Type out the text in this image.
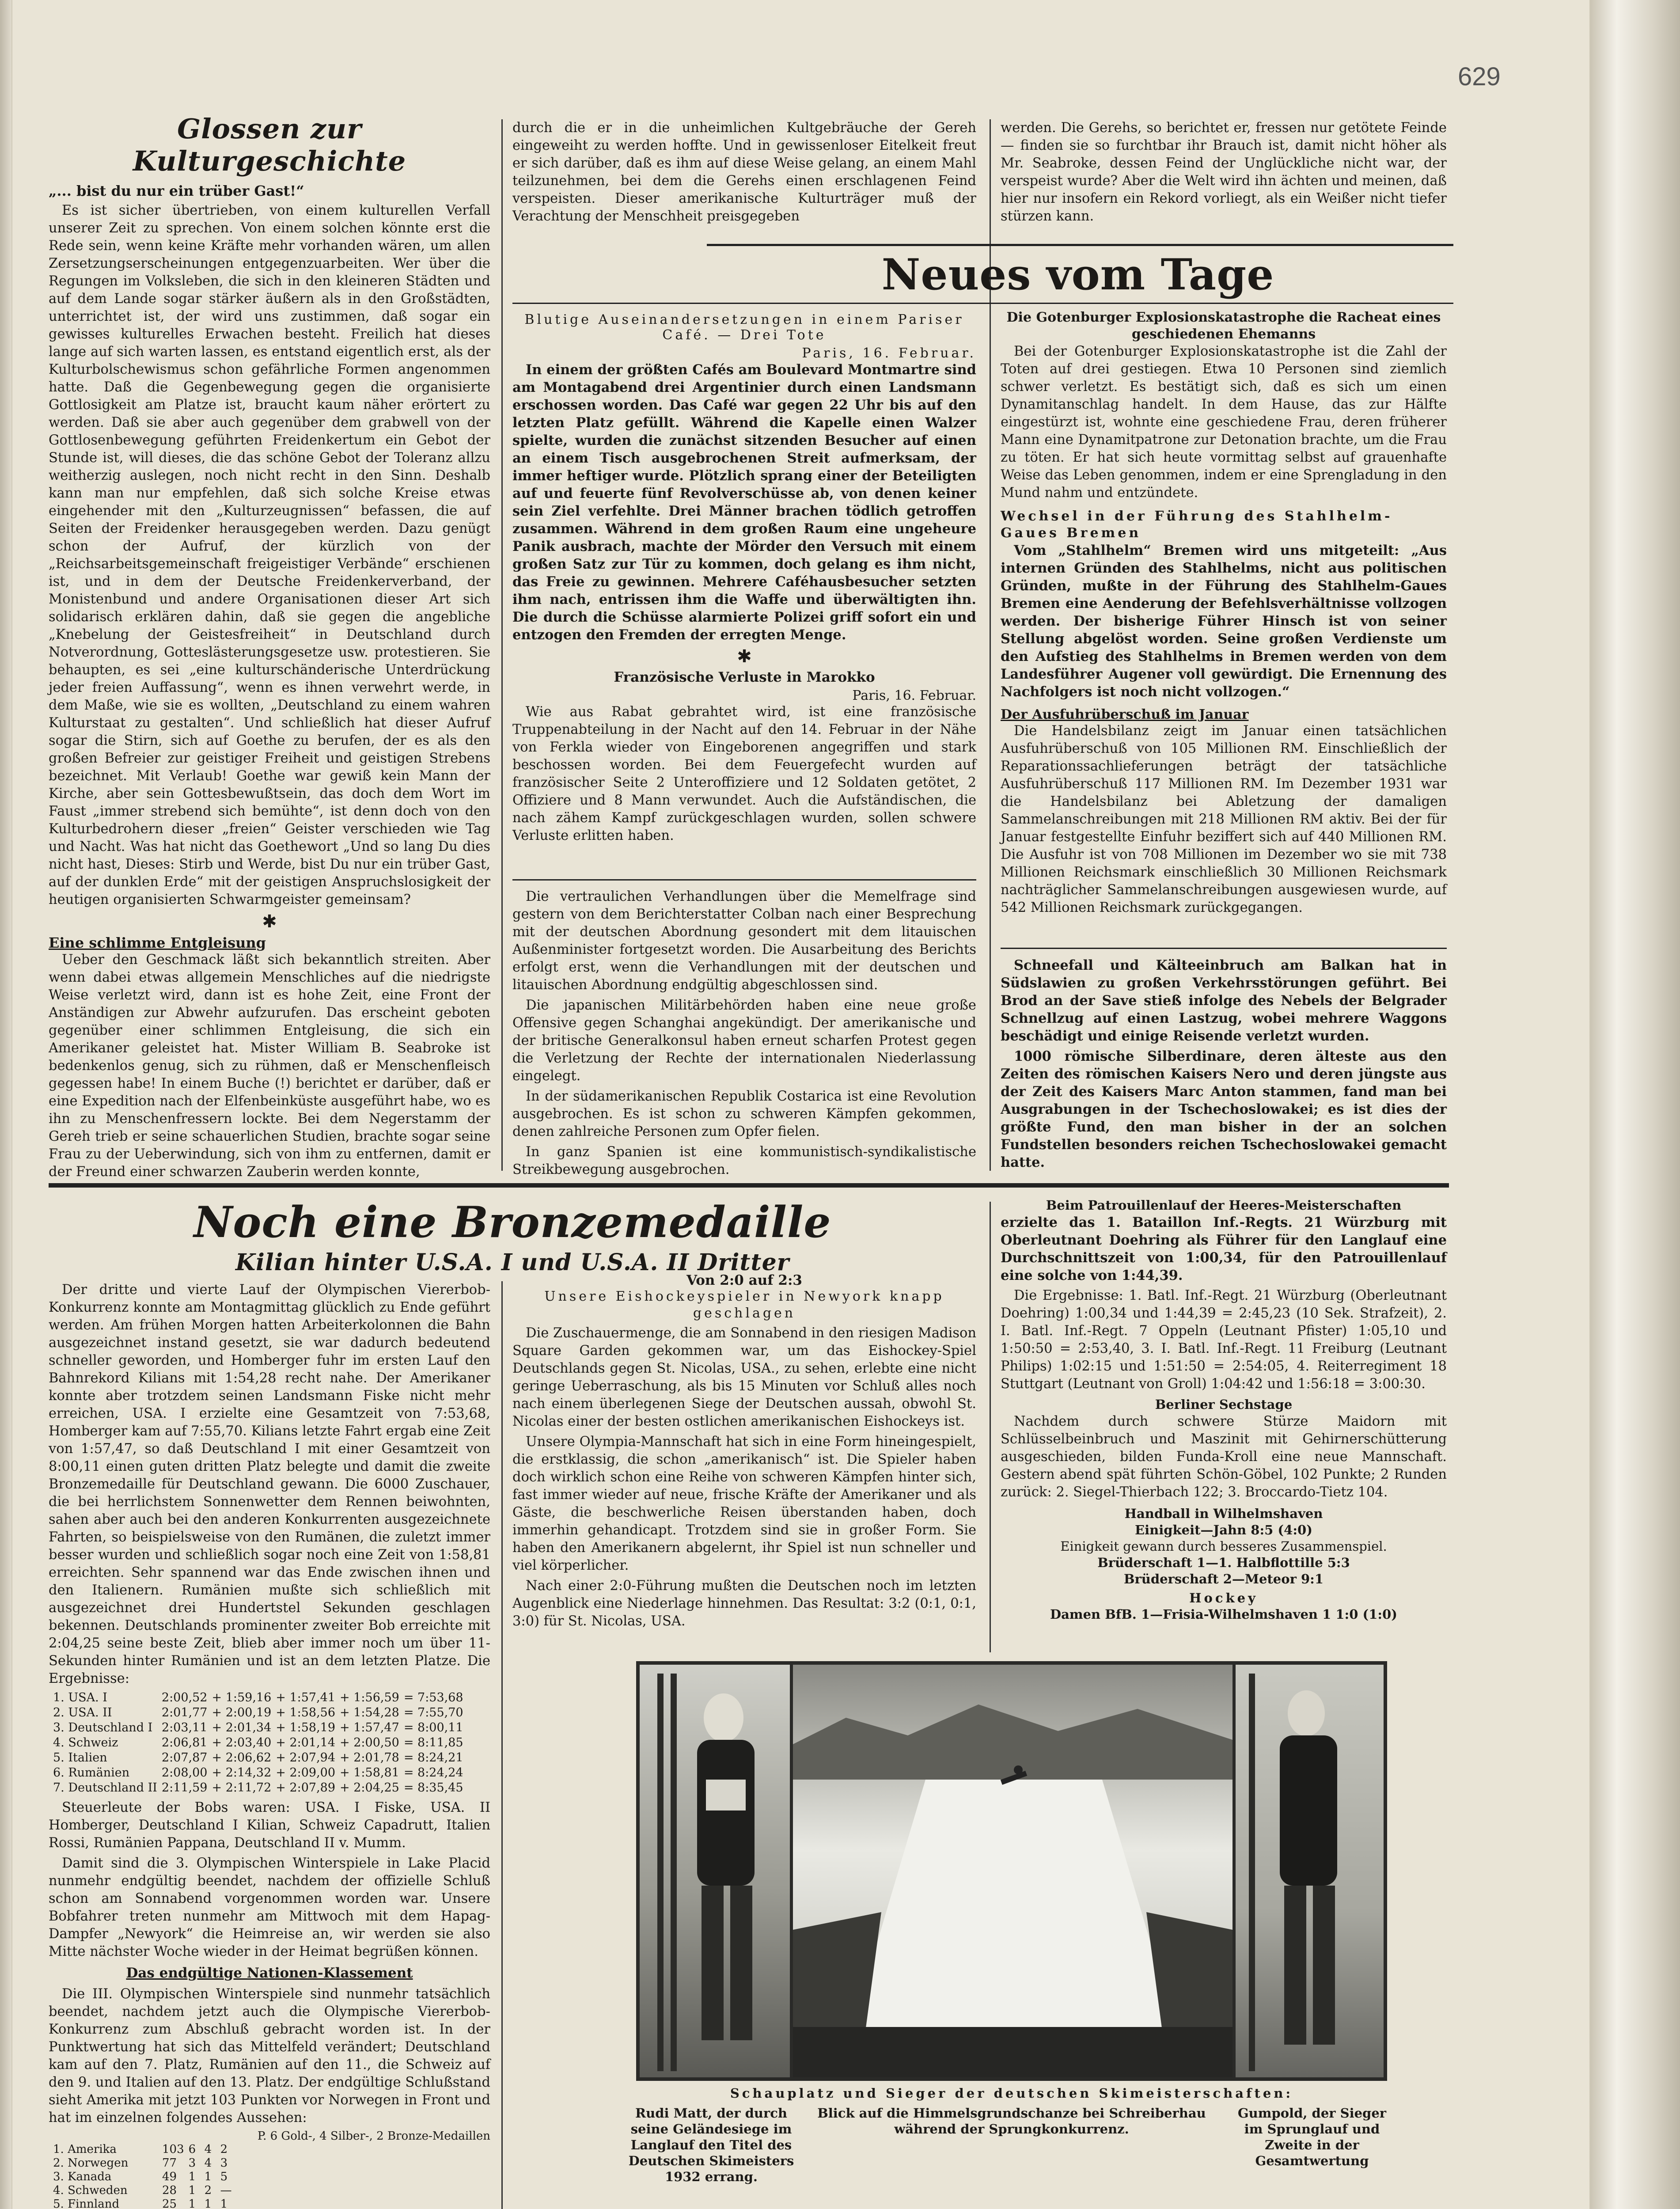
629
Glossen zur Kulturgeschichte
„... bist du nur ein trüber Gast!“

Es ist sicher übertrieben, von einem kulturellen Verfall unserer Zeit zu sprechen. Von einem solchen könnte erst die Rede sein, wenn keine Kräfte mehr vorhanden wären, um allen Zersetzungserscheinungen entgegenzuarbeiten. Wer über die Regungen im Volksleben, die sich in den kleineren Städten und auf dem Lande sogar stärker äußern als in den Großstädten, unterrichtet ist, der wird uns zustimmen, daß sogar ein gewisses kulturelles Erwachen besteht. Freilich hat dieses lange auf sich warten lassen, es entstand eigentlich erst, als der Kulturbolschewismus schon gefährliche Formen angenommen hatte. Daß die Gegenbewegung gegen die organisierte Gottlosigkeit am Platze ist, braucht kaum näher erörtert zu werden. Daß sie aber auch gegenüber dem grabwell von der Gottlosenbewegung geführten Freidenkertum ein Gebot der Stunde ist, will dieses, die das schöne Gebot der Toleranz allzu weitherzig auslegen, noch nicht recht in den Sinn. Deshalb kann man nur empfehlen, daß sich solche Kreise etwas eingehender mit den „Kulturzeugnissen“ befassen, die auf Seiten der Freidenker herausgegeben werden. Dazu genügt schon der Aufruf, der kürzlich von der „Reichsarbeitsgemeinschaft freigeistiger Verbände“ erschienen ist, und in dem der Deutsche Freidenkerverband, der Monistenbund und andere Organisationen dieser Art sich solidarisch erklären dahin, daß sie gegen die angebliche „Knebelung der Geistesfreiheit“ in Deutschland durch Notverordnung, Gotteslästerungsgesetze usw. protestieren. Sie behaupten, es sei „eine kulturschänderische Unterdrückung jeder freien Auffassung“, wenn es ihnen verwehrt werde, in dem Maße, wie sie es wollten, „Deutschland zu einem wahren Kulturstaat zu gestalten“. Und schließlich hat dieser Aufruf sogar die Stirn, sich auf Goethe zu berufen, der es als den großen Befreier zur geistiger Freiheit und geistigen Strebens bezeichnet. Mit Verlaub! Goethe war gewiß kein Mann der Kirche, aber sein Gottesbewußtsein, das doch dem Wort im Faust „immer strebend sich bemühte“, ist denn doch von den Kulturbedrohern dieser „freien“ Geister verschieden wie Tag und Nacht. Was hat nicht das Goethewort „Und so lang Du dies nicht hast, Dieses: Stirb und Werde, bist Du nur ein trüber Gast, auf der dunklen Erde“ mit der geistigen Anspruchslosigkeit der heutigen organisierten Schwarmgeister gemeinsam?

✱
Eine schlimme Entgleisung

Ueber den Geschmack läßt sich bekanntlich streiten. Aber wenn dabei etwas allgemein Menschliches auf die niedrigste Weise verletzt wird, dann ist es hohe Zeit, eine Front der Anständigen zur Abwehr aufzurufen. Das erscheint geboten gegenüber einer schlimmen Entgleisung, die sich ein Amerikaner geleistet hat. Mister William B. Seabroke ist bedenkenlos genug, sich zu rühmen, daß er Menschenfleisch gegessen habe! In einem Buche (!) berichtet er darüber, daß er eine Expedition nach der Elfenbeinküste ausgeführt habe, wo es ihn zu Menschenfressern lockte. Bei dem Negerstamm der Gereh trieb er seine schauerlichen Studien, brachte sogar seine Frau zu der Ueberwindung, sich von ihm zu entfernen, damit er der Freund einer schwarzen Zauberin werden konnte,

durch die er in die unheimlichen Kultgebräuche der Gereh eingeweiht zu werden hoffte. Und in gewissenloser Eitelkeit freut er sich darüber, daß es ihm auf diese Weise gelang, an einem Mahl teilzunehmen, bei dem die Gerehs einen erschlagenen Feind verspeisten. Dieser amerikanische Kulturträger muß der Verachtung der Menschheit preisgegeben
werden. Die Gerehs, so berichtet er, fressen nur getötete Feinde — finden sie so furchtbar ihr Brauch ist, damit nicht höher als Mr. Seabroke, dessen Feind der Unglückliche nicht war, der verspeist wurde? Aber die Welt wird ihn ächten und meinen, daß hier nur insofern ein Rekord vorliegt, als ein Weißer nicht tiefer stürzen kann.
Neues vom Tage
Blutige Auseinandersetzungen in einem Pariser Café. — Drei Tote
Paris, 16. Februar.

In einem der größten Cafés am Boulevard Montmartre sind am Montagabend drei Argentinier durch einen Landsmann erschossen worden. Das Café war gegen 22 Uhr bis auf den letzten Platz gefüllt. Während die Kapelle einen Walzer spielte, wurden die zunächst sitzenden Besucher auf einen an einem Tisch ausgebrochenen Streit aufmerksam, der immer heftiger wurde. Plötzlich sprang einer der Beteiligten auf und feuerte fünf Revolverschüsse ab, von denen keiner sein Ziel verfehlte. Drei Männer brachen tödlich getroffen zusammen. Während in dem großen Raum eine ungeheure Panik ausbrach, machte der Mörder den Versuch mit einem großen Satz zur Tür zu kommen, doch gelang es ihm nicht, das Freie zu gewinnen. Mehrere Caféhausbesucher setzten ihm nach, entrissen ihm die Waffe und überwältigten ihn. Die durch die Schüsse alarmierte Polizei griff sofort ein und entzogen den Fremden der erregten Menge.

✱
Französische Verluste in Marokko
Paris, 16. Februar.

Wie aus Rabat gebrahtet wird, ist eine französische Truppenabteilung in der Nacht auf den 14. Februar in der Nähe von Ferkla wieder von Eingeborenen angegriffen und stark beschossen worden. Bei dem Feuergefecht wurden auf französischer Seite 2 Unteroffiziere und 12 Soldaten getötet, 2 Offiziere und 8 Mann verwundet. Auch die Aufständischen, die nach zähem Kampf zurückgeschlagen wurden, sollen schwere Verluste erlitten haben.

Die vertraulichen Verhandlungen über die Memelfrage sind gestern von dem Berichterstatter Colban nach einer Besprechung mit der deutschen Abordnung gesondert mit dem litauischen Außenminister fortgesetzt worden. Die Ausarbeitung des Berichts erfolgt erst, wenn die Verhandlungen mit der deutschen und litauischen Abordnung endgültig abgeschlossen sind.

Die japanischen Militärbehörden haben eine neue große Offensive gegen Schanghai angekündigt. Der amerikanische und der britische Generalkonsul haben erneut scharfen Protest gegen die Verletzung der Rechte der internationalen Niederlassung eingelegt.

In der südamerikanischen Republik Costarica ist eine Revolution ausgebrochen. Es ist schon zu schweren Kämpfen gekommen, denen zahlreiche Personen zum Opfer fielen.

In ganz Spanien ist eine kommunistisch-syndikalistische Streikbewegung ausgebrochen.

Die Gotenburger Explosionskatastrophe die Racheat eines geschiedenen Ehemanns

Bei der Gotenburger Explosionskatastrophe ist die Zahl der Toten auf drei gestiegen. Etwa 10 Personen sind ziemlich schwer verletzt. Es bestätigt sich, daß es sich um einen Dynamitanschlag handelt. In dem Hause, das zur Hälfte eingestürzt ist, wohnte eine geschiedene Frau, deren früherer Mann eine Dynamitpatrone zur Detonation brachte, um die Frau zu töten. Er hat sich heute vormittag selbst auf grauenhafte Weise das Leben genommen, indem er eine Sprengladung in den Mund nahm und entzündete.

Wechsel in der Führung des Stahlhelm-Gaues Bremen

Vom „Stahlhelm“ Bremen wird uns mitgeteilt: „Aus internen Gründen des Stahlhelms, nicht aus politischen Gründen, mußte in der Führung des Stahlhelm-Gaues Bremen eine Aenderung der Befehlsverhältnisse vollzogen werden. Der bisherige Führer Hinsch ist von seiner Stellung abgelöst worden. Seine großen Verdienste um den Aufstieg des Stahlhelms in Bremen werden von dem Landesführer Augener voll gewürdigt. Die Ernennung des Nachfolgers ist noch nicht vollzogen.“

Der Ausfuhrüberschuß im Januar

Die Handelsbilanz zeigt im Januar einen tatsächlichen Ausfuhrüberschuß von 105 Millionen RM. Einschließlich der Reparationssachlieferungen beträgt der tatsächliche Ausfuhrüberschuß 117 Millionen RM. Im Dezember 1931 war die Handelsbilanz bei Abletzung der damaligen Sammelanschreibungen mit 218 Millionen RM aktiv. Bei der für Januar festgestellte Einfuhr beziffert sich auf 440 Millionen RM. Die Ausfuhr ist von 708 Millionen im Dezember wo sie mit 738 Millionen Reichsmark einschließlich 30 Millionen Reichsmark nachträglicher Sammelanschreibungen ausgewiesen wurde, auf 542 Millionen Reichsmark zurückgegangen.

Schneefall und Kälteeinbruch am Balkan hat in Südslawien zu großen Verkehrsstörungen geführt. Bei Brod an der Save stieß infolge des Nebels der Belgrader Schnellzug auf einen Lastzug, wobei mehrere Waggons beschädigt und einige Reisende verletzt wurden.

1000 römische Silberdinare, deren älteste aus den Zeiten des römischen Kaisers Nero und deren jüngste aus der Zeit des Kaisers Marc Anton stammen, fand man bei Ausgrabungen in der Tschechoslowakei; es ist dies der größte Fund, den man bisher in der an solchen Fundstellen besonders reichen Tschechoslowakei gemacht hatte.

Noch eine Bronzemedaille
Kilian hinter U.S.A. I und U.S.A. II Dritter

Der dritte und vierte Lauf der Olympischen Viererbob-Konkurrenz konnte am Montagmittag glücklich zu Ende geführt werden. Am frühen Morgen hatten Arbeiterkolonnen die Bahn ausgezeichnet instand gesetzt, sie war dadurch bedeutend schneller geworden, und Homberger fuhr im ersten Lauf den Bahnrekord Kilians mit 1:54,28 recht nahe. Der Amerikaner konnte aber trotzdem seinen Landsmann Fiske nicht mehr erreichen, USA. I erzielte eine Gesamtzeit von 7:53,68, Homberger kam auf 7:55,70. Kilians letzte Fahrt ergab eine Zeit von 1:57,47, so daß Deutschland I mit einer Gesamtzeit von 8:00,11 einen guten dritten Platz belegte und damit die zweite Bronzemedaille für Deutschland gewann. Die 6000 Zuschauer, die bei herrlichstem Sonnenwetter dem Rennen beiwohnten, sahen aber auch bei den anderen Konkurrenten ausgezeichnete Fahrten, so beispielsweise von den Rumänen, die zuletzt immer besser wurden und schließlich sogar noch eine Zeit von 1:58,81 erreichten. Sehr spannend war das Ende zwischen ihnen und den Italienern. Rumänien mußte sich schließlich mit ausgezeichnet drei Hundertstel Sekunden geschlagen bekennen. Deutschlands prominenter zweiter Bob erreichte mit 2:04,25 seine beste Zeit, blieb aber immer noch um über 11-Sekunden hinter Rumänien und ist an dem letzten Platze. Die Ergebnisse:

1. USA. I	2:00,52	+ 1:59,16	+ 1:57,41	+ 1:56,59	= 7:53,68
2. USA. II	2:01,77	+ 2:00,19	+ 1:58,56	+ 1:54,28	= 7:55,70
3. Deutschland I	2:03,11	+ 2:01,34	+ 1:58,19	+ 1:57,47	= 8:00,11
4. Schweiz	2:06,81	+ 2:03,40	+ 2:01,14	+ 2:00,50	= 8:11,85
5. Italien	2:07,87	+ 2:06,62	+ 2:07,94	+ 2:01,78	= 8:24,21
6. Rumänien	2:08,00	+ 2:14,32	+ 2:09,00	+ 1:58,81	= 8:24,24
7. Deutschland II	2:11,59	+ 2:11,72	+ 2:07,89	+ 2:04,25	= 8:35,45

Steuerleute der Bobs waren: USA. I Fiske, USA. II Homberger, Deutschland I Kilian, Schweiz Capadrutt, Italien Rossi, Rumänien Pappana, Deutschland II v. Mumm.

Damit sind die 3. Olympischen Winterspiele in Lake Placid nunmehr endgültig beendet, nachdem der offizielle Schluß schon am Sonnabend vorgenommen worden war. Unsere Bobfahrer treten nunmehr am Mittwoch mit dem Hapag-Dampfer „Newyork“ die Heimreise an, wir werden sie also Mitte nächster Woche wieder in der Heimat begrüßen können.

Das endgültige Nationen-Klassement

Die III. Olympischen Winterspiele sind nunmehr tatsächlich beendet, nachdem jetzt auch die Olympische Viererbob-Konkurrenz zum Abschluß gebracht worden ist. In der Punktwertung hat sich das Mittelfeld verändert; Deutschland kam auf den 7. Platz, Rumänien auf den 11., die Schweiz auf den 9. und Italien auf den 13. Platz. Der endgültige Schlußstand sieht Amerika mit jetzt 103 Punkten vor Norwegen in Front und hat im einzelnen folgendes Aussehen:

P. 6 Gold-, 4 Silber-, 2 Bronze-Medaillen
1. Amerika	103	6	4	2
2. Norwegen	77	3	4	3
3. Kanada	49	1	1	5
4. Schweden	28	1	2	—
5. Finnland	25	1	1	1

Von 2:0 auf 2:3
Unsere Eishockeyspieler in Newyork knapp geschlagen

Die Zuschauermenge, die am Sonnabend in den riesigen Madison Square Garden gekommen war, um das Eishockey-Spiel Deutschlands gegen St. Nicolas, USA., zu sehen, erlebte eine nicht geringe Ueberraschung, als bis 15 Minuten vor Schluß alles noch nach einem überlegenen Siege der Deutschen aussah, obwohl St. Nicolas einer der besten ostlichen amerikanischen Eishockeys ist.

Unsere Olympia-Mannschaft hat sich in eine Form hineingespielt, die erstklassig, die schon „amerikanisch“ ist. Die Spieler haben doch wirklich schon eine Reihe von schweren Kämpfen hinter sich, fast immer wieder auf neue, frische Kräfte der Amerikaner und als Gäste, die beschwerliche Reisen überstanden haben, doch immerhin gehandicapt. Trotzdem sind sie in großer Form. Sie haben den Amerikanern abgelernt, ihr Spiel ist nun schneller und viel körperlicher.

Nach einer 2:0-Führung mußten die Deutschen noch im letzten Augenblick eine Niederlage hinnehmen. Das Resultat: 3:2 (0:1, 0:1, 3:0) für St. Nicolas, USA.

Beim Patrouillenlauf der Heeres-Meisterschaften
erzielte das 1. Bataillon Inf.-Regts. 21 Würzburg mit Oberleutnant Doehring als Führer für den Langlauf eine Durchschnittszeit von 1:00,34, für den Patrouillenlauf eine solche von 1:44,39.

Die Ergebnisse: 1. Batl. Inf.-Regt. 21 Würzburg (Oberleutnant Doehring) 1:00,34 und 1:44,39 = 2:45,23 (10 Sek. Strafzeit), 2. I. Batl. Inf.-Regt. 7 Oppeln (Leutnant Pfister) 1:05,10 und 1:50:50 = 2:53,40, 3. I. Batl. Inf.-Regt. 11 Freiburg (Leutnant Philips) 1:02:15 und 1:51:50 = 2:54:05, 4. Reiterregiment 18 Stuttgart (Leutnant von Groll) 1:04:42 und 1:56:18 = 3:00:30.

Berliner Sechstage

Nachdem durch schwere Stürze Maidorn mit Schlüsselbeinbruch und Maszinit mit Gehirnerschütterung ausgeschieden, bilden Funda-Kroll eine neue Mannschaft. Gestern abend spät führten Schön-Göbel, 102 Punkte; 2 Runden zurück: 2. Siegel-Thierbach 122; 3. Broccardo-Tietz 104.

Handball in Wilhelmshaven
Einigkeit—Jahn 8:5 (4:0)
Einigkeit gewann durch besseres Zusammenspiel.
Brüderschaft 1—1. Halbflottille 5:3
Brüderschaft 2—Meteor 9:1
Hockey
Damen BfB. 1—Frisia-Wilhelmshaven 1 1:0 (1:0)
Schauplatz und Sieger der deutschen Skimeisterschaften:
Blick auf die Himmelsgrundschanze bei Schreiberhau während der Sprungkonkurrenz.
Rudi Matt, der durch seine Geländesiege im Langlauf den Titel des Deutschen Skimeisters 1932 errang.
Gumpold, der Sieger im Sprunglauf und Zweite in der Gesamtwertung
